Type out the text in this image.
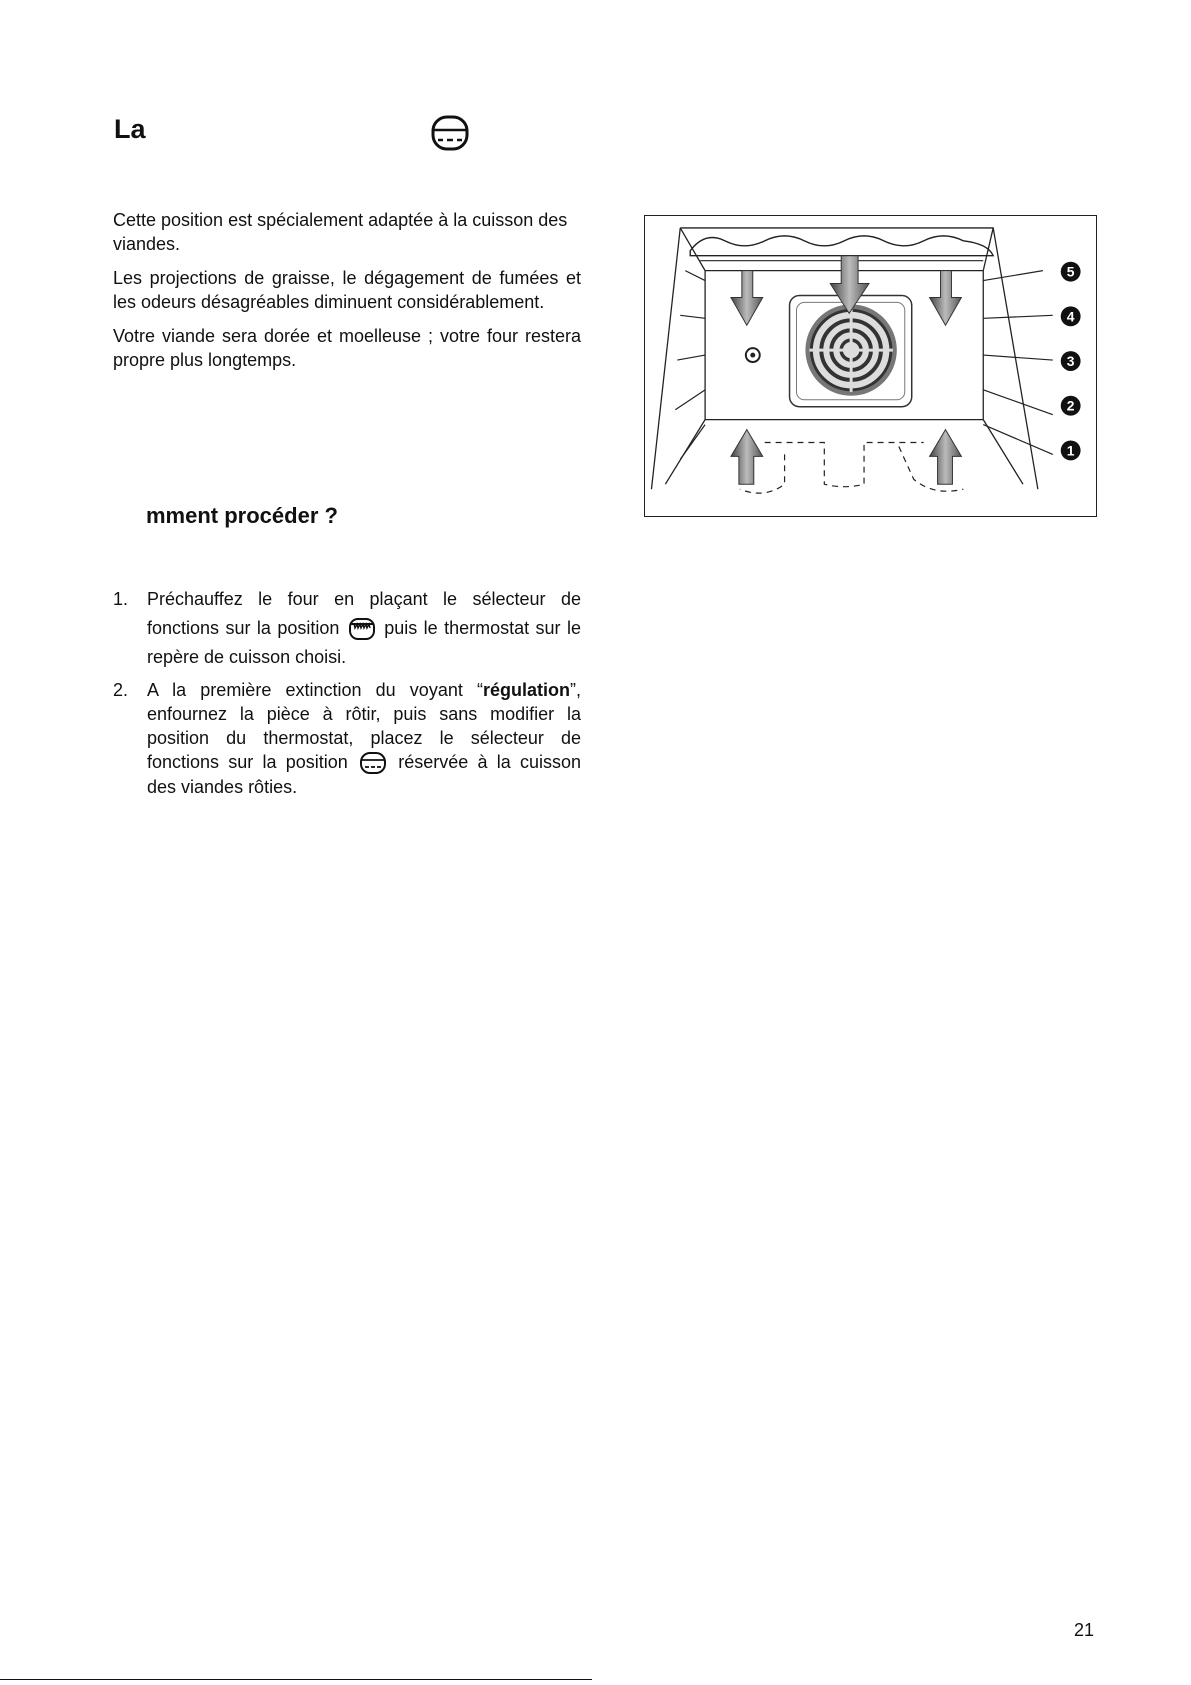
La

Cette position est spécialement adaptée à la cuisson des viandes.

Les projections de graisse, le dégagement de fumées et les odeurs désagréables diminuent considérablement.

Votre viande sera dorée et moelleuse ; votre four restera propre plus longtemps.

mment procéder ?
1. Préchauffez le four en plaçant le sélecteur de fonctions sur la position puis le thermostat sur le repère de cuisson choisi.
2. A la première extinction du voyant “régulation”, enfournez la pièce à rôtir, puis sans modifier la position du thermostat, placez le sélecteur de fonctions sur la position	réservée à la cuisson des viandes rôties.
5
4
3
2
1
21
